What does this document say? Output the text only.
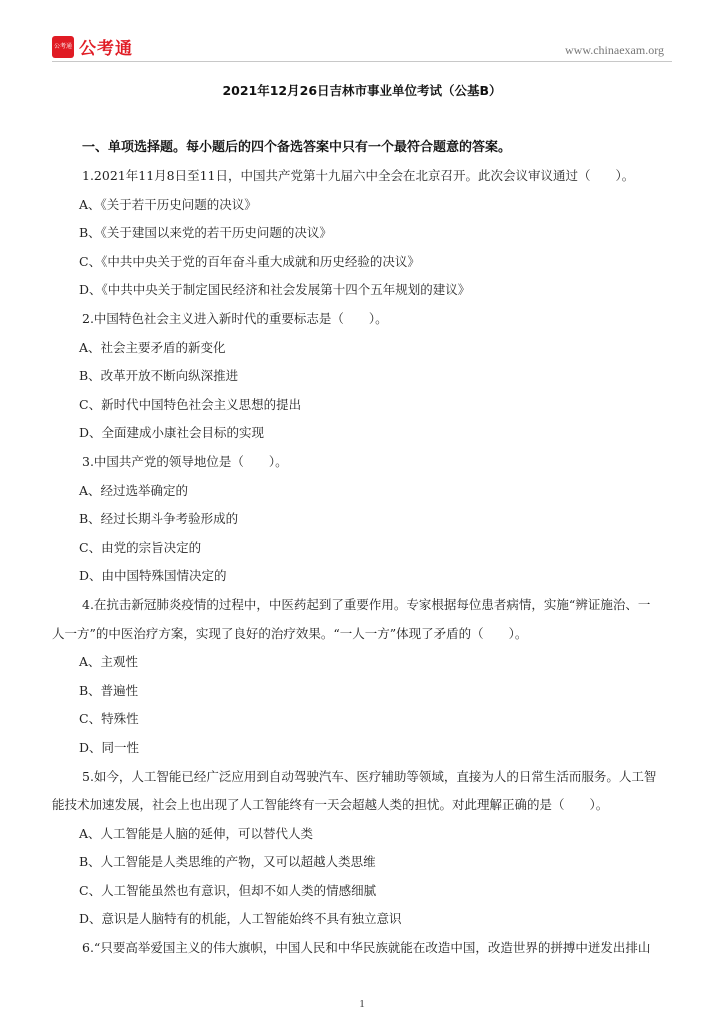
公考通 公考通	www.chinaexam.org
2021年12月26日吉林市事业单位考试（公基B）
一、单项选择题。每小题后的四个备选答案中只有一个最符合题意的答案。
1.2021年11月8日至11日，中国共产党第十九届六中全会在北京召开。此次会议审议通过（　　）。
A、《关于若干历史问题的决议》
B、《关于建国以来党的若干历史问题的决议》
C、《中共中央关于党的百年奋斗重大成就和历史经验的决议》
D、《中共中央关于制定国民经济和社会发展第十四个五年规划的建议》
2.中国特色社会主义进入新时代的重要标志是（　　）。
A、社会主要矛盾的新变化
B、改革开放不断向纵深推进
C、新时代中国特色社会主义思想的提出
D、全面建成小康社会目标的实现
3.中国共产党的领导地位是（　　）。
A、经过选举确定的
B、经过长期斗争考验形成的
C、由党的宗旨决定的
D、由中国特殊国情决定的
4.在抗击新冠肺炎疫情的过程中，中医药起到了重要作用。专家根据每位患者病情，实施“辨证施治、一
人一方”的中医治疗方案，实现了良好的治疗效果。“一人一方”体现了矛盾的（　　）。
A、主观性
B、普遍性
C、特殊性
D、同一性
5.如今，人工智能已经广泛应用到自动驾驶汽车、医疗辅助等领域，直接为人的日常生活而服务。人工智
能技术加速发展，社会上也出现了人工智能终有一天会超越人类的担忧。对此理解正确的是（　　）。
A、人工智能是人脑的延伸，可以替代人类
B、人工智能是人类思维的产物，又可以超越人类思维
C、人工智能虽然也有意识，但却不如人类的情感细腻
D、意识是人脑特有的机能，人工智能始终不具有独立意识
6.“只要高举爱国主义的伟大旗帜，中国人民和中华民族就能在改造中国，改造世界的拼搏中迸发出排山
1
